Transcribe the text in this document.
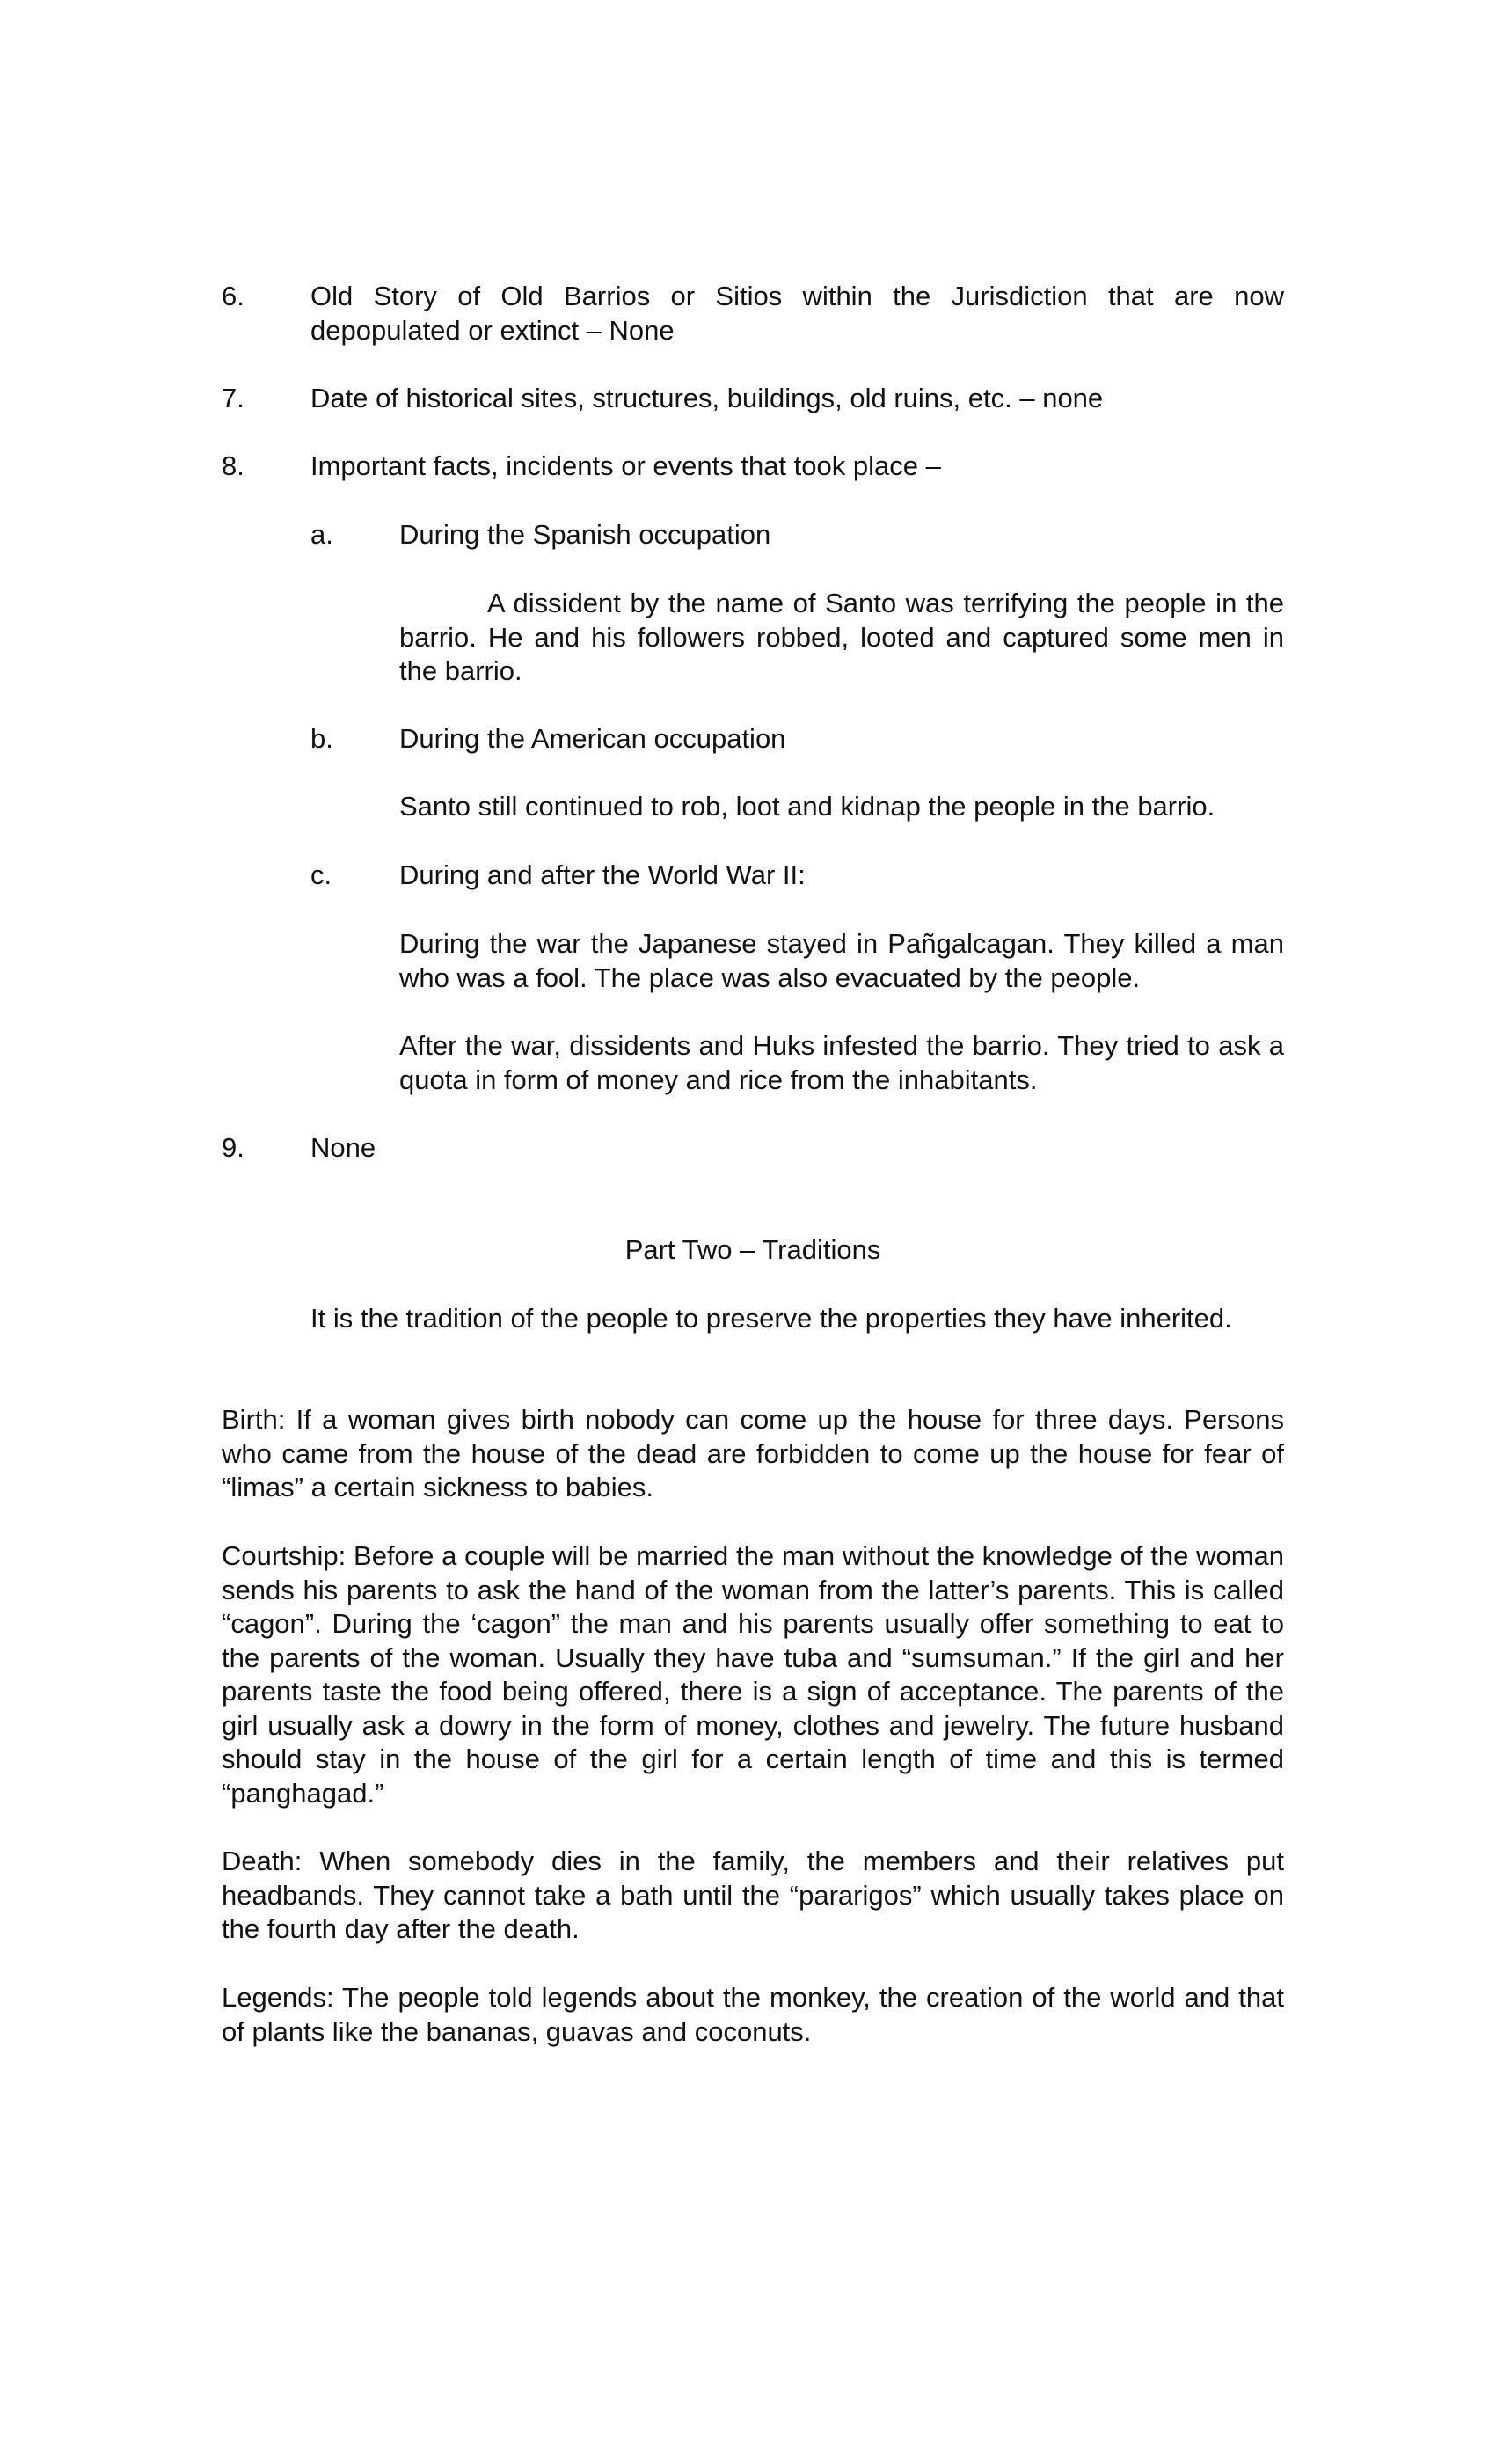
6. Old Story of Old Barrios or Sitios within the Jurisdiction that are now depopulated or extinct – None
7. Date of historical sites, structures, buildings, old ruins, etc. – none
8. Important facts, incidents or events that took place –
a. During the Spanish occupation
A dissident by the name of Santo was terrifying the people in the barrio. He and his followers robbed, looted and captured some men in the barrio.
b. During the American occupation
Santo still continued to rob, loot and kidnap the people in the barrio.
c. During and after the World War II:
During the war the Japanese stayed in Pañgalcagan. They killed a man who was a fool. The place was also evacuated by the people.
After the war, dissidents and Huks infested the barrio. They tried to ask a quota in form of money and rice from the inhabitants.
9. None
Part Two – Traditions
It is the tradition of the people to preserve the properties they have inherited.
Birth: If a woman gives birth nobody can come up the house for three days. Persons who came from the house of the dead are forbidden to come up the house for fear of “limas” a certain sickness to babies.
Courtship: Before a couple will be married the man without the knowledge of the woman sends his parents to ask the hand of the woman from the latter’s parents. This is called “cagon”. During the ‘cagon” the man and his parents usually offer something to eat to the parents of the woman. Usually they have tuba and “sumsuman.” If the girl and her parents taste the food being offered, there is a sign of acceptance. The parents of the girl usually ask a dowry in the form of money, clothes and jewelry. The future husband should stay in the house of the girl for a certain length of time and this is termed “panghagad.”
Death: When somebody dies in the family, the members and their relatives put headbands. They cannot take a bath until the “pararigos” which usually takes place on the fourth day after the death.
Legends: The people told legends about the monkey, the creation of the world and that of plants like the bananas, guavas and coconuts.
